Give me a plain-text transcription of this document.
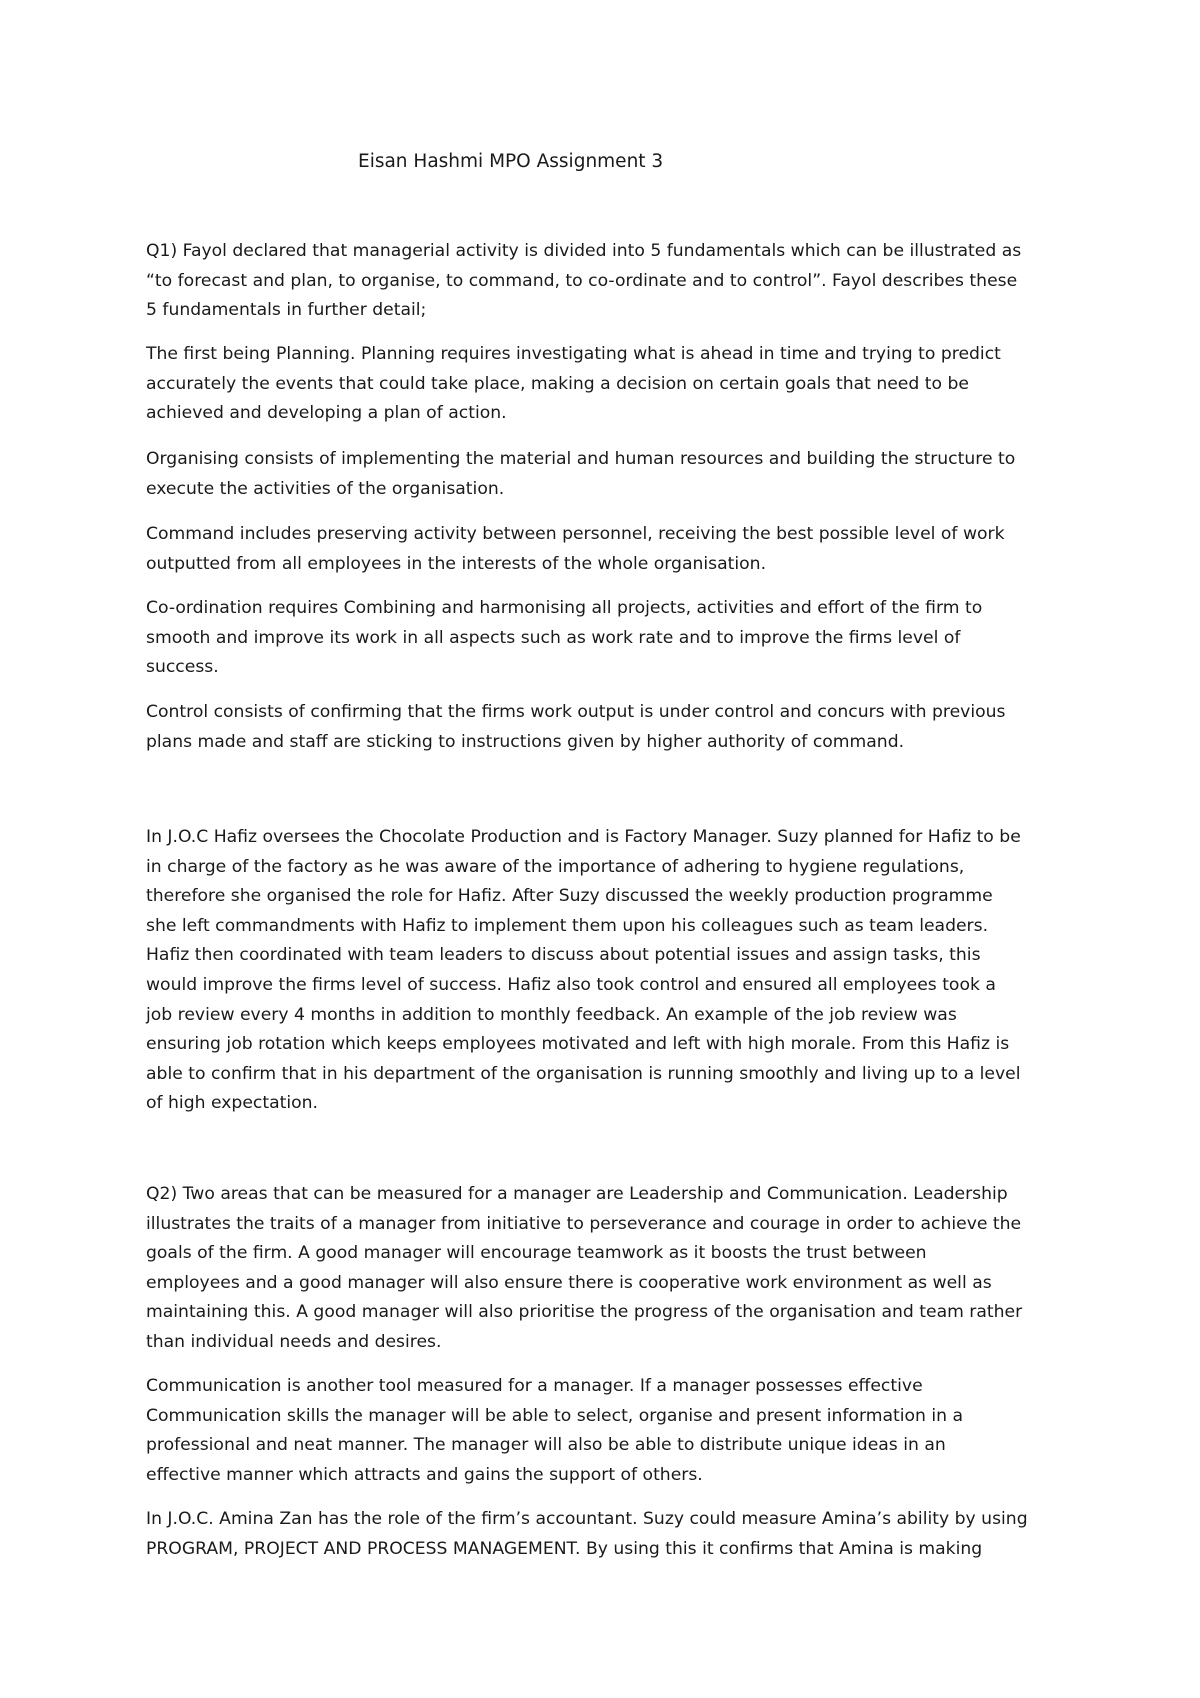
Eisan Hashmi MPO Assignment 3

Q1) Fayol declared that managerial activity is divided into 5 fundamentals which can be illustrated as
“to forecast and plan, to organise, to command, to co-ordinate and to control”. Fayol describes these
5 fundamentals in further detail;

The first being Planning. Planning requires investigating what is ahead in time and trying to predict
accurately the events that could take place, making a decision on certain goals that need to be
achieved and developing a plan of action.

Organising consists of implementing the material and human resources and building the structure to
execute the activities of the organisation.

Command includes preserving activity between personnel, receiving the best possible level of work
outputted from all employees in the interests of the whole organisation.

Co-ordination requires Combining and harmonising all projects, activities and effort of the firm to
smooth and improve its work in all aspects such as work rate and to improve the firms level of
success.

Control consists of confirming that the firms work output is under control and concurs with previous
plans made and staff are sticking to instructions given by higher authority of command.

In J.O.C Hafiz oversees the Chocolate Production and is Factory Manager. Suzy planned for Hafiz to be
in charge of the factory as he was aware of the importance of adhering to hygiene regulations,
therefore she organised the role for Hafiz. After Suzy discussed the weekly production programme
she left commandments with Hafiz to implement them upon his colleagues such as team leaders.
Hafiz then coordinated with team leaders to discuss about potential issues and assign tasks, this
would improve the firms level of success. Hafiz also took control and ensured all employees took a
job review every 4 months in addition to monthly feedback. An example of the job review was
ensuring job rotation which keeps employees motivated and left with high morale. From this Hafiz is
able to confirm that in his department of the organisation is running smoothly and living up to a level
of high expectation.

Q2) Two areas that can be measured for a manager are Leadership and Communication. Leadership
illustrates the traits of a manager from initiative to perseverance and courage in order to achieve the
goals of the firm. A good manager will encourage teamwork as it boosts the trust between
employees and a good manager will also ensure there is cooperative work environment as well as
maintaining this. A good manager will also prioritise the progress of the organisation and team rather
than individual needs and desires.

Communication is another tool measured for a manager. If a manager possesses effective
Communication skills the manager will be able to select, organise and present information in a
professional and neat manner. The manager will also be able to distribute unique ideas in an
effective manner which attracts and gains the support of others.

In J.O.C. Amina Zan has the role of the firm’s accountant. Suzy could measure Amina’s ability by using
PROGRAM, PROJECT AND PROCESS MANAGEMENT. By using this it confirms that Amina is making
